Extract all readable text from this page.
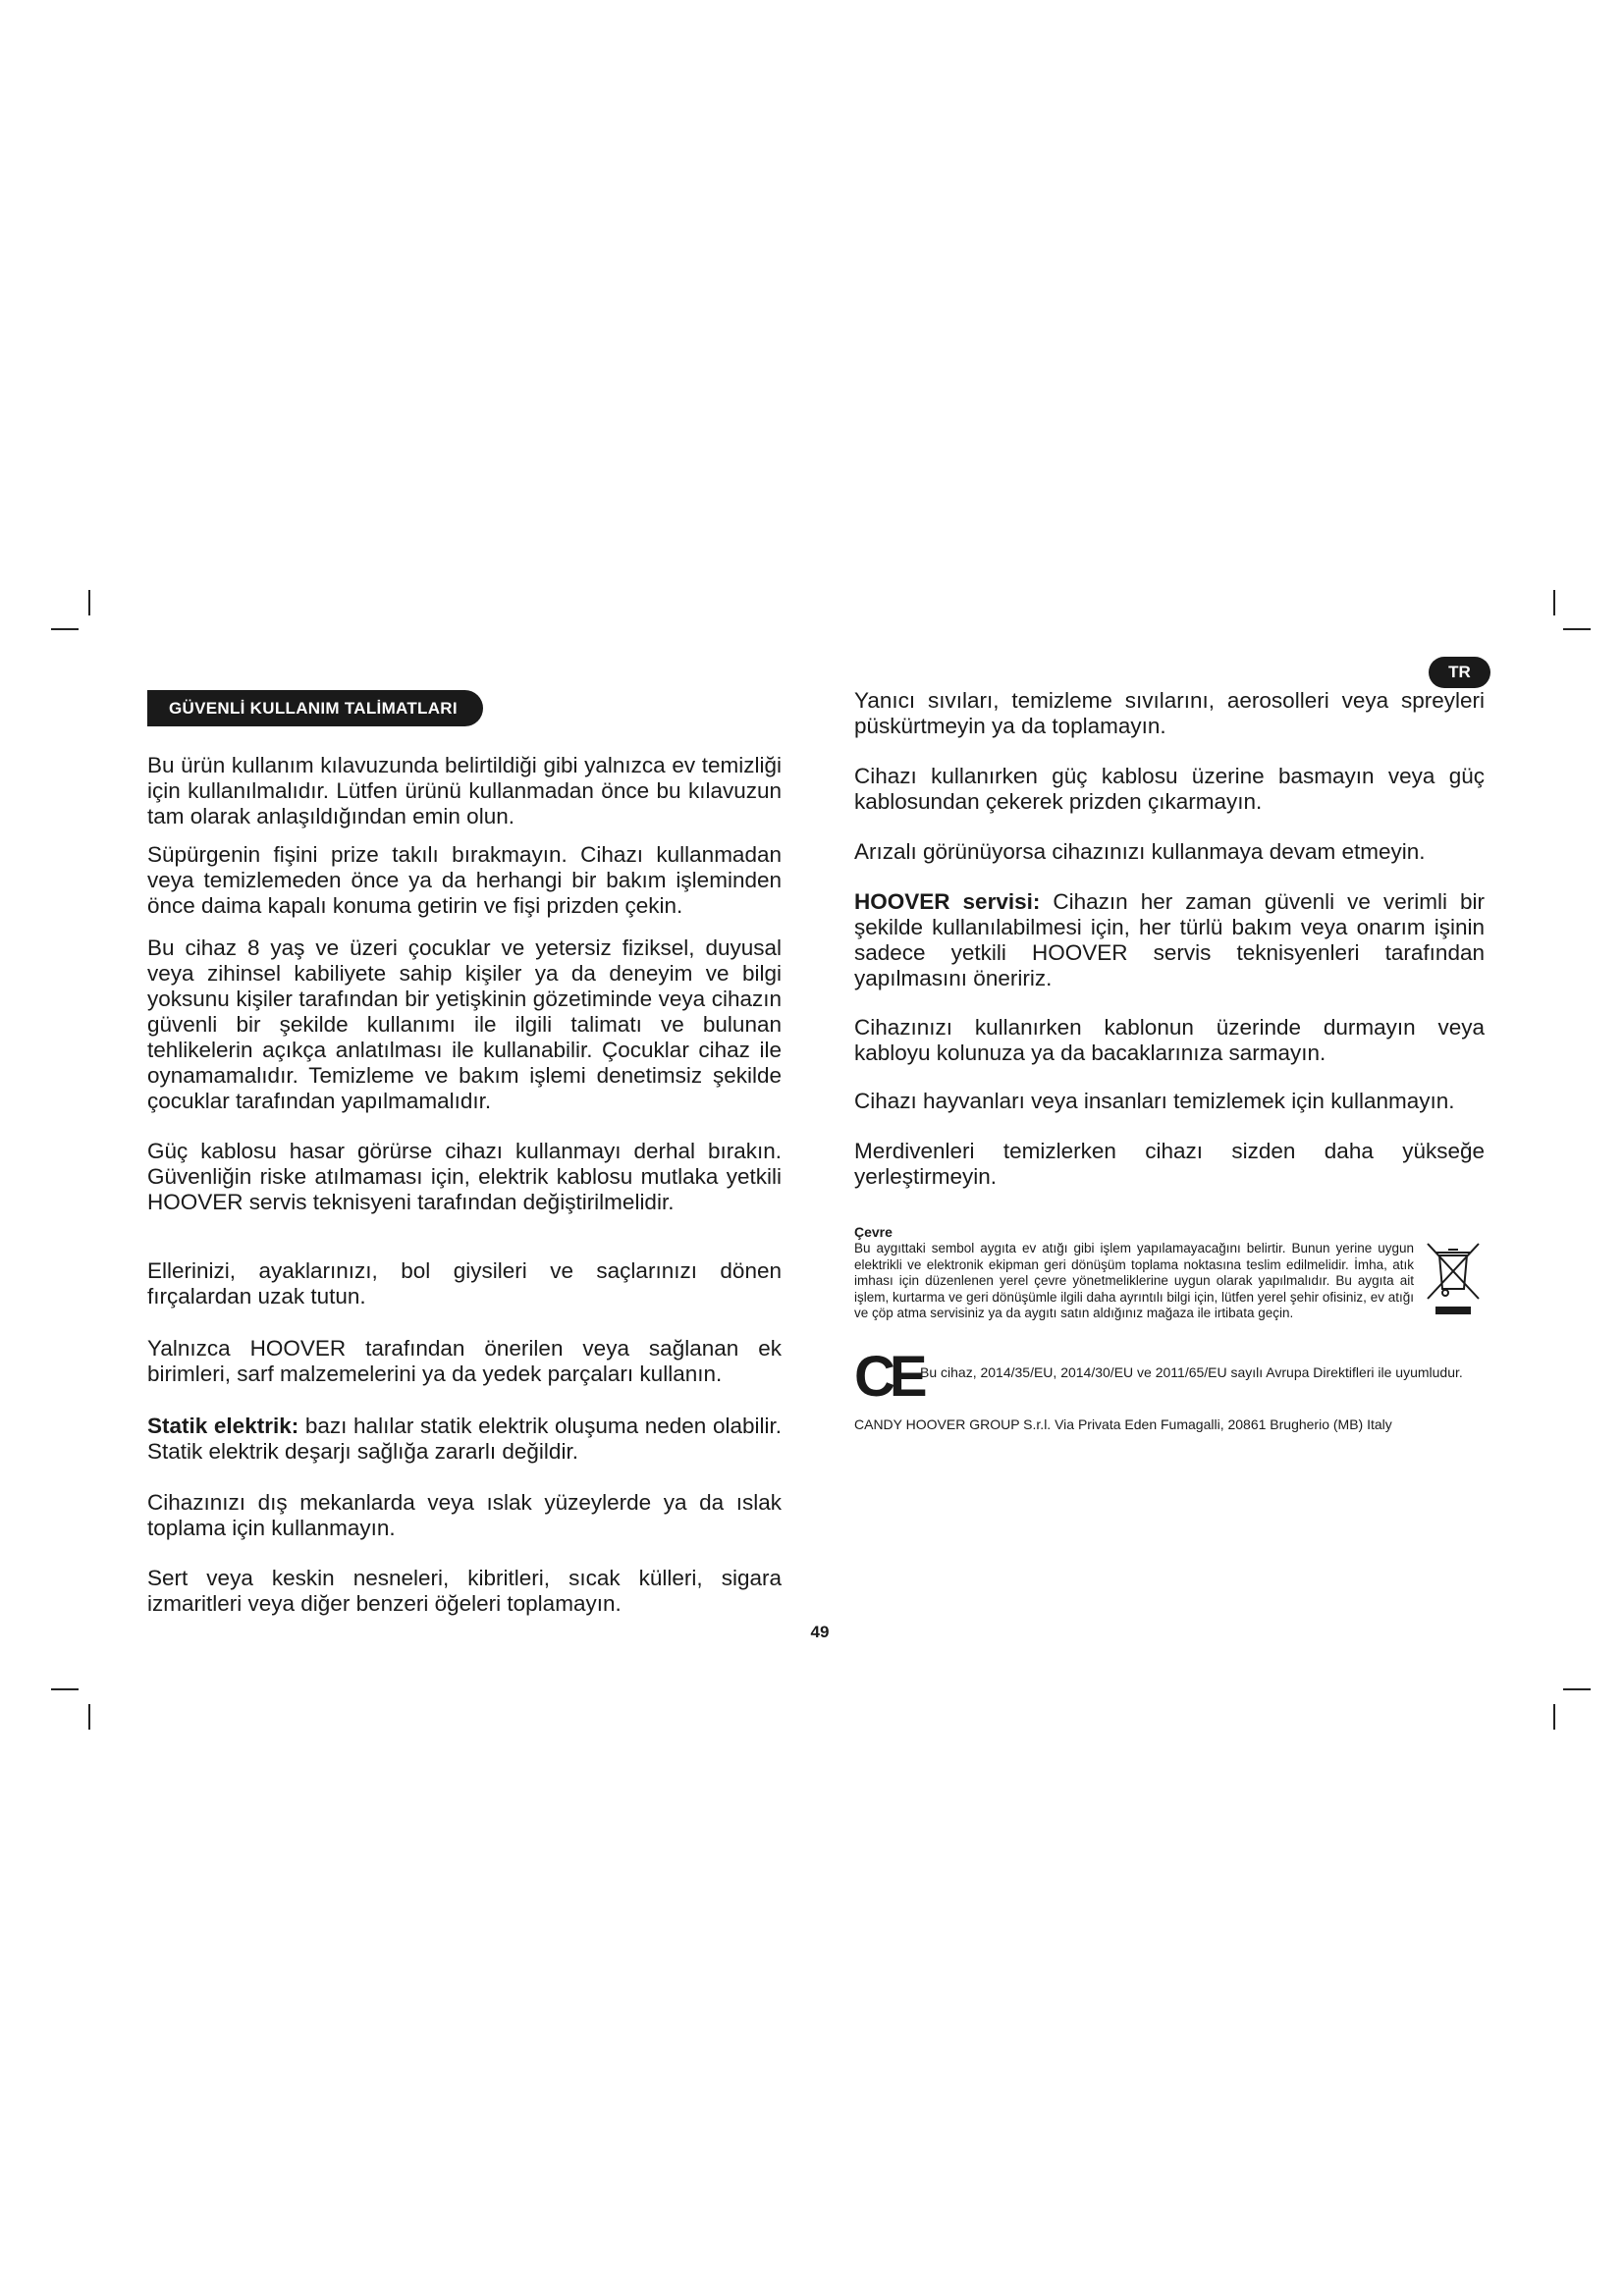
TR
GÜVENLİ KULLANIM TALİMATLARI

Bu ürün kullanım kılavuzunda belirtildiği gibi yalnızca ev temizliği için kullanılmalıdır. Lütfen ürünü kullanmadan önce bu kılavuzun tam olarak anlaşıldığından emin olun.

Süpürgenin fişini prize takılı bırakmayın. Cihazı kullanmadan veya temizlemeden önce ya da herhangi bir bakım işleminden önce daima kapalı konuma getirin ve fişi prizden çekin.

Bu cihaz 8 yaş ve üzeri çocuklar ve yetersiz fiziksel, duyusal veya zihinsel kabiliyete sahip kişiler ya da deneyim ve bilgi yoksunu kişiler tarafından bir yetişkinin gözetiminde veya cihazın güvenli bir şekilde kullanımı ile ilgili talimatı ve bulunan tehlikelerin açıkça anlatılması ile kullanabilir. Çocuklar cihaz ile oynamamalıdır. Temizleme ve bakım işlemi denetimsiz şekilde çocuklar tarafından yapılmamalıdır.

Güç kablosu hasar görürse cihazı kullanmayı derhal bırakın. Güvenliğin riske atılmaması için, elektrik kablosu mutlaka yetkili HOOVER servis teknisyeni tarafından değiştirilmelidir.

Ellerinizi, ayaklarınızı, bol giysileri ve saçlarınızı dönen fırçalardan uzak tutun.

Yalnızca HOOVER tarafından önerilen veya sağlanan ek birimleri, sarf malzemelerini ya da yedek parçaları kullanın.

Statik elektrik: bazı halılar statik elektrik oluşuma neden olabilir. Statik elektrik deşarjı sağlığa zararlı değildir.

Cihazınızı dış mekanlarda veya ıslak yüzeylerde ya da ıslak toplama için kullanmayın.

Sert veya keskin nesneleri, kibritleri, sıcak külleri, sigara izmaritleri veya diğer benzeri öğeleri toplamayın.

Yanıcı sıvıları, temizleme sıvılarını, aerosolleri veya spreyleri püskürtmeyin ya da toplamayın.

Cihazı kullanırken güç kablosu üzerine basmayın veya güç kablosundan çekerek prizden çıkarmayın.

Arızalı görünüyorsa cihazınızı kullanmaya devam etmeyin.

HOOVER servisi: Cihazın her zaman güvenli ve verimli bir şekilde kullanılabilmesi için, her türlü bakım veya onarım işinin sadece yetkili HOOVER servis teknisyenleri tarafından yapılmasını öneririz.

Cihazınızı kullanırken kablonun üzerinde durmayın veya kabloyu kolunuza ya da bacaklarınıza sarmayın.

Cihazı hayvanları veya insanları temizlemek için kullanmayın.

Merdivenleri temizlerken cihazı sizden daha yükseğe yerleştirmeyin.

Çevre

Bu aygıttaki sembol aygıta ev atığı gibi işlem yapılamayacağını belirtir. Bunun yerine uygun elektrikli ve elektronik ekipman geri dönüşüm toplama noktasına teslim edilmelidir. İmha, atık imhası için düzenlenen yerel çevre yönetmeliklerine uygun olarak yapılmalıdır. Bu aygıta ait işlem, kurtarma ve geri dönüşümle ilgili daha ayrıntılı bilgi için, lütfen yerel şehir ofisiniz, ev atığı ve çöp atma servisiniz ya da aygıtı satın aldığınız mağaza ile irtibata geçin.

CE

Bu cihaz, 2014/35/EU, 2014/30/EU ve 2011/65/EU sayılı Avrupa Direktifleri ile uyumludur.

CANDY HOOVER GROUP S.r.l. Via Privata Eden Fumagalli, 20861 Brugherio (MB) Italy

49
